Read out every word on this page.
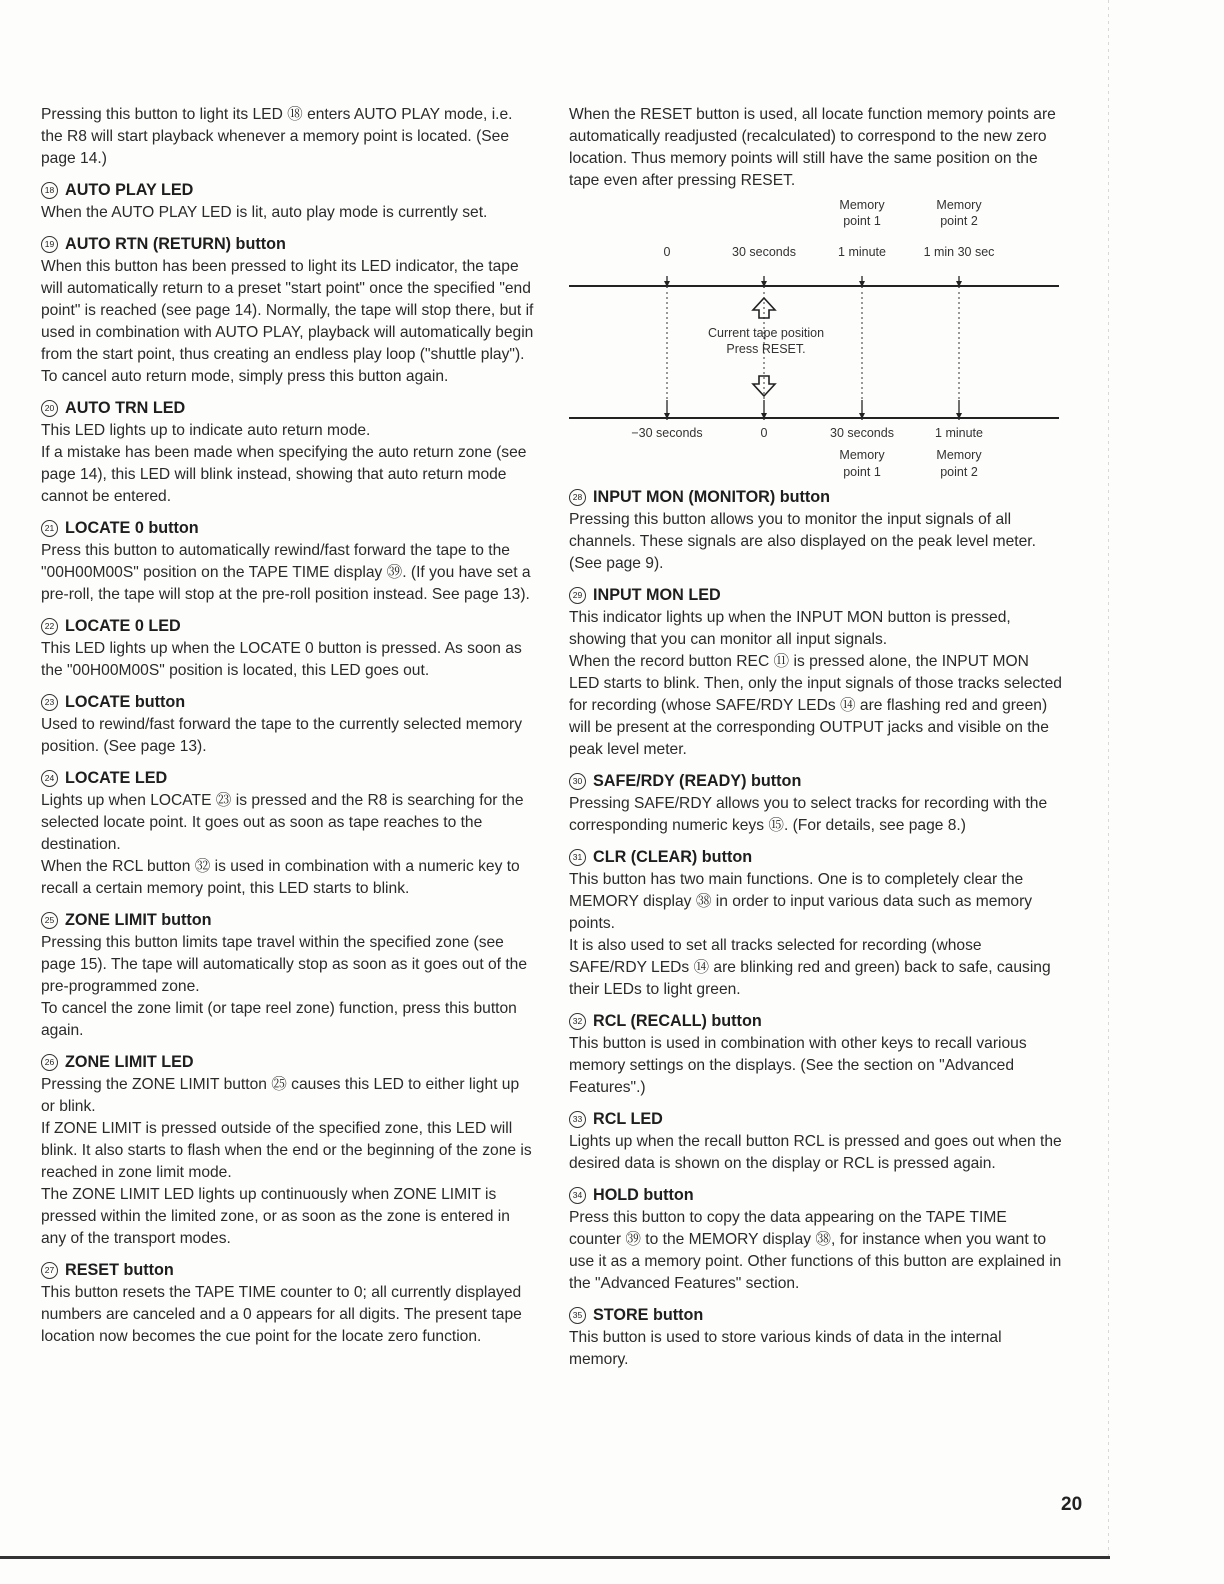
Pressing this button to light its LED ⑱ enters AUTO PLAY mode, i.e. the R8 will start playback whenever a memory point is located. (See page 14.)

18 AUTO PLAY LED

When the AUTO PLAY LED is lit, auto play mode is currently set.

19 AUTO RTN (RETURN) button

When this button has been pressed to light its LED indicator, the tape will automatically return to a preset "start point" once the specified "end point" is reached (see page 14). Normally, the tape will stop there, but if used in combination with AUTO PLAY, playback will automatically begin from the start point, thus creating an endless play loop ("shuttle play"). To cancel auto return mode, simply press this button again.

20 AUTO TRN LED

This LED lights up to indicate auto return mode.

If a mistake has been made when specifying the auto return zone (see page 14), this LED will blink instead, showing that auto return mode cannot be entered.

21 LOCATE 0 button

Press this button to automatically rewind/fast forward the tape to the "00H00M00S" position on the TAPE TIME display ㊴. (If you have set a pre-roll, the tape will stop at the pre-roll position instead. See page 13).

22 LOCATE 0 LED

This LED lights up when the LOCATE 0 button is pressed. As soon as the "00H00M00S" position is located, this LED goes out.

23 LOCATE button

Used to rewind/fast forward the tape to the currently selected memory position. (See page 13).

24 LOCATE LED

Lights up when LOCATE ㉓ is pressed and the R8 is searching for the selected locate point. It goes out as soon as tape reaches to the destination.

When the RCL button ㉜ is used in combination with a numeric key to recall a certain memory point, this LED starts to blink.

25 ZONE LIMIT button

Pressing this button limits tape travel within the specified zone (see page 15). The tape will automatically stop as soon as it goes out of the pre-programmed zone.

To cancel the zone limit (or tape reel zone) function, press this button again.

26 ZONE LIMIT LED

Pressing the ZONE LIMIT button ㉕ causes this LED to either light up or blink.

If ZONE LIMIT is pressed outside of the specified zone, this LED will blink. It also starts to flash when the end or the beginning of the zone is reached in zone limit mode.

The ZONE LIMIT LED lights up continuously when ZONE LIMIT is pressed within the limited zone, or as soon as the zone is entered in any of the transport modes.

27 RESET button

This button resets the TAPE TIME counter to 0; all currently displayed numbers are canceled and a 0 appears for all digits. The present tape location now becomes the cue point for the locate zero function.

When the RESET button is used, all locate function memory points are automatically readjusted (recalculated) to correspond to the new zero location. Thus memory points will still have the same position on the tape even after pressing RESET.

Memory
point 1
Memory
point 2
0	30 seconds	1 minute	1 min 30 sec
Current tape position
Press RESET.
−30 seconds	0	30 seconds	1 minute
Memory
point 1
Memory
point 2
28 INPUT MON (MONITOR) button

Pressing this button allows you to monitor the input signals of all channels. These signals are also displayed on the peak level meter. (See page 9).

29 INPUT MON LED

This indicator lights up when the INPUT MON button is pressed, showing that you can monitor all input signals.

When the record button REC ⑪ is pressed alone, the INPUT MON LED starts to blink. Then, only the input signals of those tracks selected for recording (whose SAFE/RDY LEDs ⑭ are flashing red and green) will be present at the corresponding OUTPUT jacks and visible on the peak level meter.

30 SAFE/RDY (READY) button

Pressing SAFE/RDY allows you to select tracks for recording with the corresponding numeric keys ⑮. (For details, see page 8.)

31 CLR (CLEAR) button

This button has two main functions. One is to completely clear the MEMORY display ㊳ in order to input various data such as memory points.

It is also used to set all tracks selected for recording (whose SAFE/RDY LEDs ⑭ are blinking red and green) back to safe, causing their LEDs to light green.

32 RCL (RECALL) button

This button is used in combination with other keys to recall various memory settings on the displays. (See the section on "Advanced Features".)

33 RCL LED

Lights up when the recall button RCL is pressed and goes out when the desired data is shown on the display or RCL is pressed again.

34 HOLD button

Press this button to copy the data appearing on the TAPE TIME counter ㊴ to the MEMORY display ㊳, for instance when you want to use it as a memory point. Other functions of this button are explained in the "Advanced Features" section.

35 STORE button

This button is used to store various kinds of data in the internal memory.

20
